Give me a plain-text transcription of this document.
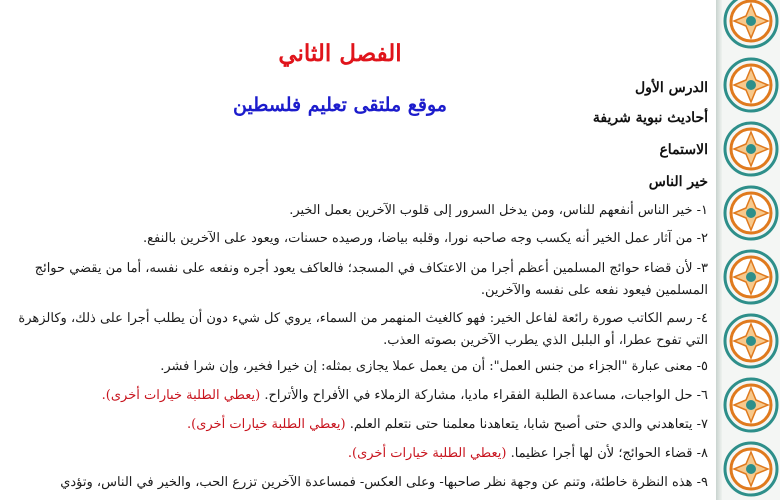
الفصل الثاني
موقع ملتقى تعليم فلسطين
الدرس الأول
أحاديث نبوية شريفة
الاستماع
خير الناس
١- خير الناس أنفعهم للناس، ومن يدخل السرور إلى قلوب الآخرين بعمل الخير.
٢- من آثار عمل الخير أنه يكسب وجه صاحبه نورا، وقلبه بياضا، ورصيده حسنات، ويعود على الآخرين بالنفع.
٣- لأن قضاء حوائج المسلمين أعظم أجرا من الاعتكاف في المسجد؛ فالعاكف يعود أجره ونفعه على نفسه، أما من يقضي حوائج المسلمين فيعود نفعه على نفسه والآخرين.
٤- رسم الكاتب صورة رائعة لفاعل الخير: فهو كالغيث المنهمر من السماء، يروي كل شيء دون أن يطلب أجرا على ذلك، وكالزهرة التي تفوح عطرا، أو البلبل الذي يطرب الآخرين بصوته العذب.
٥- معنى عبارة "الجزاء من جنس العمل": أن من يعمل عملا يجازى بمثله: إن خيرا فخير، وإن شرا فشر.
٦- حل الواجبات، مساعدة الطلبة الفقراء ماديا، مشاركة الزملاء في الأفراح والأتراح. (يعطي الطلبة خيارات أخرى).
٧- يتعاهدني والدي حتى أصبح شابا، يتعاهدنا معلمنا حتى نتعلم العلم. (يعطي الطلبة خيارات أخرى).
٨- قضاء الحوائج؛ لأن لها أجرا عظيما. (يعطي الطلبة خيارات أخرى).
٩- هذه النظرة خاطئة، وتنم عن وجهة نظر صاحبها- وعلى العكس- فمساعدة الآخرين تزرع الحب، والخير في الناس، وتؤدي
